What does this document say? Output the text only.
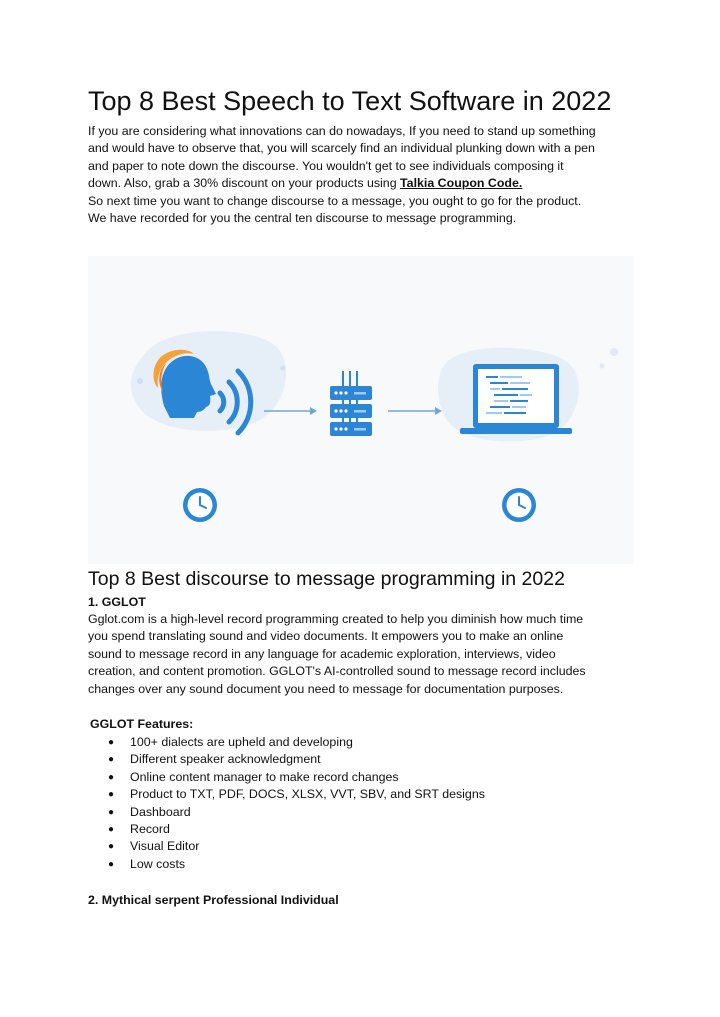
Top 8 Best Speech to Text Software in 2022

If you are considering what innovations can do nowadays, If you need to stand up something
and would have to observe that, you will scarcely find an individual plunking down with a pen
and paper to note down the discourse. You wouldn't get to see individuals composing it
down. Also, grab a 30% discount on your products using Talkia Coupon Code.
So next time you want to change discourse to a message, you ought to go for the product.
We have recorded for you the central ten discourse to message programming.

Top 8 Best discourse to message programming in 2022

1. GGLOT

Gglot.com is a high-level record programming created to help you diminish how much time
you spend translating sound and video documents. It empowers you to make an online
sound to message record in any language for academic exploration, interviews, video
creation, and content promotion. GGLOT's AI-controlled sound to message record includes
changes over any sound document you need to message for documentation purposes.

GGLOT Features:

● 100+ dialects are upheld and developing
● Different speaker acknowledgment
● Online content manager to make record changes
● Product to TXT, PDF, DOCS, XLSX, VVT, SBV, and SRT designs
● Dashboard
● Record
● Visual Editor
● Low costs

2. Mythical serpent Professional Individual
